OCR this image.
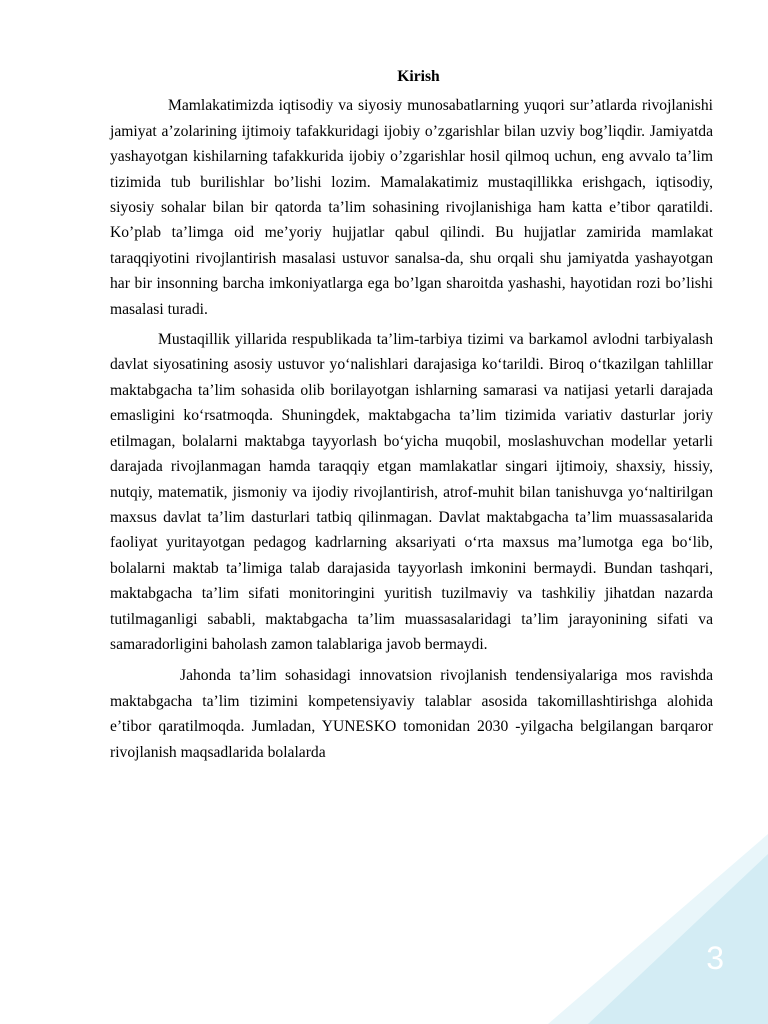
Kirish

Mamlakatimizda iqtisodiy va siyosiy munosabatlarning yuqori sur’atlarda rivojlanishi jamiyat a’zolarining ijtimoiy tafakkuridagi ijobiy o’zgarishlar bilan uzviy bog’liqdir. Jamiyatda yashayotgan kishilarning tafakkurida ijobiy o’zgarishlar hosil qilmoq uchun, eng avvalo ta’lim tizimida tub burilishlar bo’lishi lozim. Mamalakatimiz mustaqillikka erishgach, iqtisodiy, siyosiy sohalar bilan bir qatorda ta’lim sohasining rivojlanishiga ham katta e’tibor qaratildi. Ko’plab ta’limga oid me’yoriy hujjatlar qabul qilindi. Bu hujjatlar zamirida mamlakat taraqqiyotini rivojlantirish masalasi ustuvor sanalsa-da, shu orqali shu jamiyatda yashayotgan har bir insonning barcha imkoniyatlarga ega bo’lgan sharoitda yashashi, hayotidan rozi bo’lishi masalasi turadi.

Mustaqillik yillarida respublikada ta’lim-tarbiya tizimi va barkamol avlodni tarbiyalash davlat siyosatining asosiy ustuvor yo‘nalishlari darajasiga ko‘tarildi. Biroq o‘tkazilgan tahlillar maktabgacha ta’lim sohasida olib borilayotgan ishlarning samarasi va natijasi yetarli darajada emasligini ko‘rsatmoqda. Shuningdek, maktabgacha ta’lim tizimida variativ dasturlar joriy etilmagan, bolalarni maktabga tayyorlash bo‘yicha muqobil, moslashuvchan modellar yetarli darajada rivojlanmagan hamda taraqqiy etgan mamlakatlar singari ijtimoiy, shaxsiy, hissiy, nutqiy, matematik, jismoniy va ijodiy rivojlantirish, atrof-muhit bilan tanishuvga yo‘naltirilgan maxsus davlat ta’lim dasturlari tatbiq qilinmagan. Davlat maktabgacha ta’lim muassasalarida faoliyat yuritayotgan pedagog kadrlarning aksariyati o‘rta maxsus ma’lumotga ega bo‘lib, bolalarni maktab ta’limiga talab darajasida tayyorlash imkonini bermaydi. Bundan tashqari, maktabgacha ta’lim sifati monitoringini yuritish tuzilmaviy va tashkiliy jihatdan nazarda tutilmaganligi sababli, maktabgacha ta’lim muassasalaridagi ta’lim jarayonining sifati va samaradorligini baholash zamon talablariga javob bermaydi.

Jahonda ta’lim sohasidagi innovatsion rivojlanish tendensiyalariga mos ravishda maktabgacha ta’lim tizimini kompetensiyaviy talablar asosida takomillashtirishga alohida e’tibor qaratilmoqda. Jumladan, YUNESKO tomonidan 2030 -yilgacha belgilangan barqaror rivojlanish maqsadlarida bolalarda

3
